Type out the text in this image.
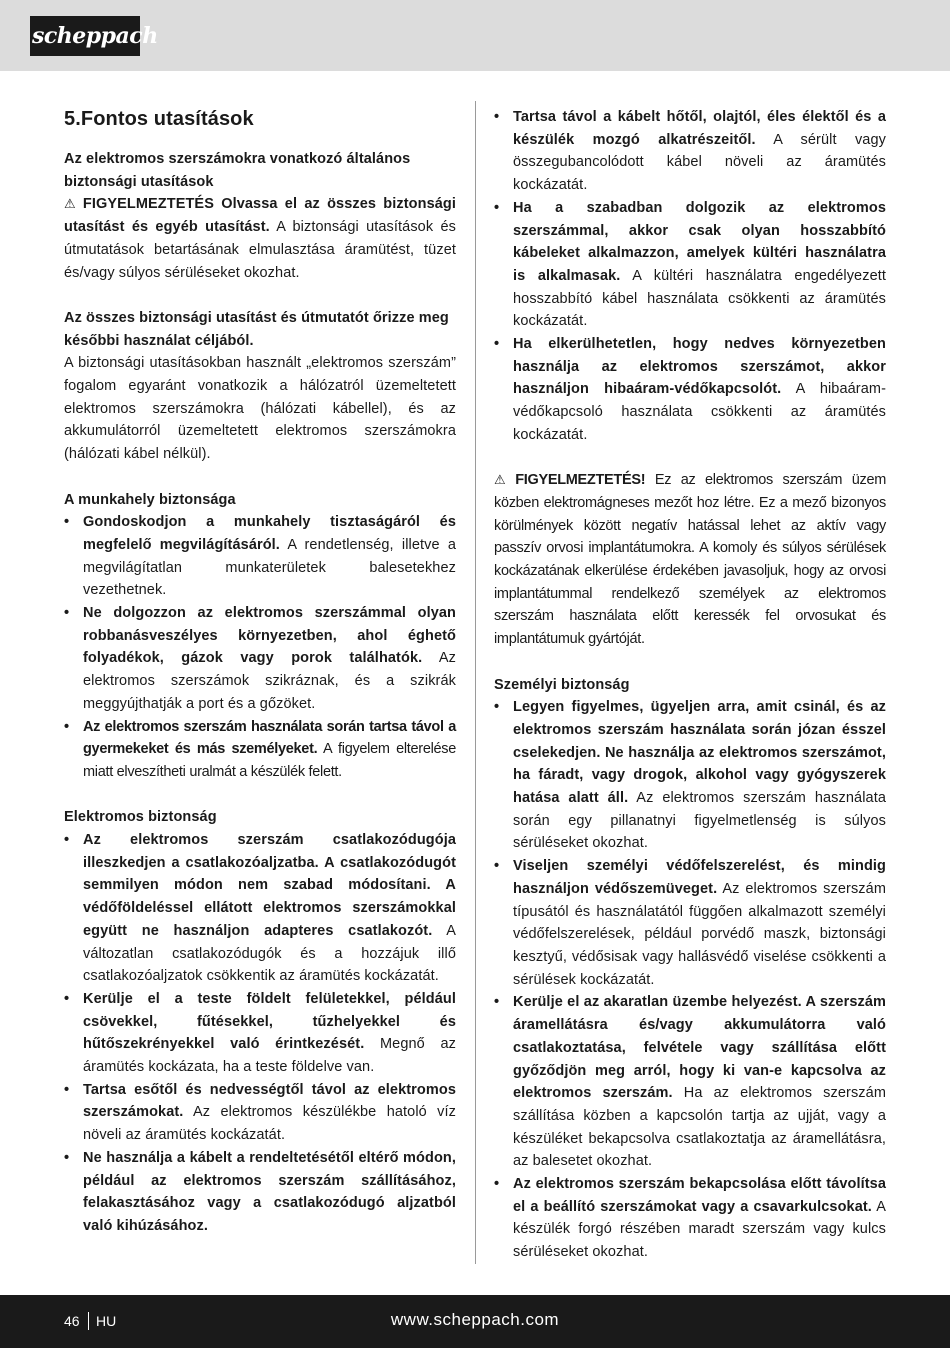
scheppach
5.Fontos utasítások

Az elektromos szerszámokra vonatkozó általános biztonsági utasítások

⚠ FIGYELMEZTETÉS Olvassa el az összes biztonsági utasítást és egyéb utasítást. A biztonsági utasítások és útmutatások betartásának elmulasztása áramütést, tüzet és/vagy súlyos sérüléseket okozhat.

Az összes biztonsági utasítást és útmutatót őrizze meg későbbi használat céljából.

A biztonsági utasításokban használt „elektromos szerszám” fogalom egyaránt vonatkozik a hálózatról üzemeltetett elektromos szerszámokra (hálózati kábellel), és az akkumulátorról üzemeltetett elektromos szerszámokra (hálózati kábel nélkül).

A munkahely biztonsága

• Gondoskodjon a munkahely tisztaságáról és megfelelő megvilágításáról. A rendetlenség, illetve a megvilágítatlan munkaterületek balesetekhez vezethetnek.
• Ne dolgozzon az elektromos szerszámmal olyan robbanásveszélyes környezetben, ahol éghető folyadékok, gázok vagy porok találhatók. Az elektromos szerszámok szikráznak, és a szikrák meggyújthatják a port és a gőzöket.
• Az elektromos szerszám használata során tartsa távol a gyermekeket és más személyeket. A figyelem elterelése miatt elveszítheti uralmát a készülék felett.

Elektromos biztonság

• Az elektromos szerszám csatlakozódugója illeszkedjen a csatlakozóaljzatba. A csatlakozódugót semmilyen módon nem szabad módosítani. A védőföldeléssel ellátott elektromos szerszámokkal együtt ne használjon adapteres csatlakozót. A változatlan csatlakozódugók és a hozzájuk illő csatlakozóaljzatok csökkentik az áramütés kockázatát.
• Kerülje el a teste földelt felületekkel, például csövekkel, fűtésekkel, tűzhelyekkel és hűtőszekrényekkel való érintkezését. Megnő az áramütés kockázata, ha a teste földelve van.
• Tartsa esőtől és nedvességtől távol az elektromos szerszámokat. Az elektromos készülékbe hatoló víz növeli az áramütés kockázatát.
• Ne használja a kábelt a rendeltetésétől eltérő módon, például az elektromos szerszám szállításához, felakasztásához vagy a csatlakozódugó aljzatból való kihúzásához.
• Tartsa távol a kábelt hőtől, olajtól, éles élektől és a készülék mozgó alkatrészeitől. A sérült vagy összegubancolódott kábel növeli az áramütés kockázatát.
• Ha a szabadban dolgozik az elektromos szerszámmal, akkor csak olyan hosszabbító kábeleket alkalmazzon, amelyek kültéri használatra is alkalmasak. A kültéri használatra engedélyezett hosszabbító kábel használata csökkenti az áramütés kockázatát.
• Ha elkerülhetetlen, hogy nedves környezetben használja az elektromos szerszámot, akkor használjon hibaáram-védőkapcsolót. A hibaáram-védőkapcsoló használata csökkenti az áramütés kockázatát.

⚠ FIGYELMEZTETÉS! Ez az elektromos szerszám üzem közben elektromágneses mezőt hoz létre. Ez a mező bizonyos körülmények között negatív hatással lehet az aktív vagy passzív orvosi implantátumokra. A komoly és súlyos sérülések kockázatának elkerülése érdekében javasoljuk, hogy az orvosi implantátummal rendelkező személyek az elektromos szerszám használata előtt keressék fel orvosukat és implantátumuk gyártóját.

Személyi biztonság

• Legyen figyelmes, ügyeljen arra, amit csinál, és az elektromos szerszám használata során józan ésszel cselekedjen. Ne használja az elektromos szerszámot, ha fáradt, vagy drogok, alkohol vagy gyógyszerek hatása alatt áll. Az elektromos szerszám használata során egy pillanatnyi figyelmetlenség is súlyos sérüléseket okozhat.
• Viseljen személyi védőfelszerelést, és mindig használjon védőszemüveget. Az elektromos szerszám típusától és használatától függően alkalmazott személyi védőfelszerelések, például porvédő maszk, biztonsági kesztyű, védősisak vagy hallásvédő viselése csökkenti a sérülések kockázatát.
• Kerülje el az akaratlan üzembe helyezést. A szerszám áramellátásra és/vagy akkumulátorra való csatlakoztatása, felvétele vagy szállítása előtt győződjön meg arról, hogy ki van-e kapcsolva az elektromos szerszám. Ha az elektromos szerszám szállítása közben a kapcsolón tartja az ujját, vagy a készüléket bekapcsolva csatlakoztatja az áramellátásra, az balesetet okozhat.
• Az elektromos szerszám bekapcsolása előtt távolítsa el a beállító szerszámokat vagy a csavarkulcsokat. A készülék forgó részében maradt szerszám vagy kulcs sérüléseket okozhat.
46 HU	www.scheppach.com
